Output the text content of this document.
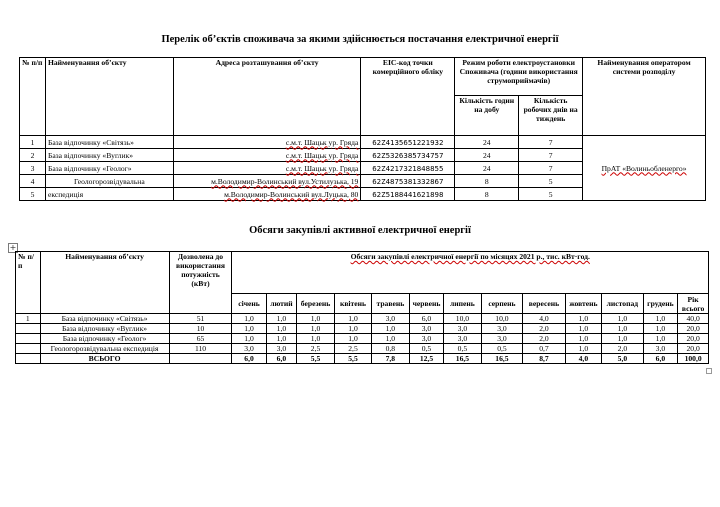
Перелік об’єктів споживача за якими здійснюється постачання електричної енергії
№ п/п	Найменування об’єкту	Адреса розташування об’єкту	ЕІС-код точки комерційного обліку	Режим роботи електроустановки Споживача (години використання струмоприймачів)		Найменування оператором системи розподілу
				Кількість годин на добу	Кількість робочих днів на тиждень	
1	База відпочинку «Світязь»	с.м.т. Шацьк ур. Гряда	62Z4135651221932	24	7	ПрАТ «Волиньобленерго»
2	База відпочинку «Вуглик»	с.м.т. Шацьк ур. Гряда	62Z5326385734757	24	7	
3	База відпочинку «Геолог»	с.м.т. Шацьк ур. Гряда	62Z4217321848855	24	7	
4	Геологорозвідувальна	м.Володимир-Волинський вул.Устилузька, 19	62Z4875381332867	8	5	
5	експедиція	м.Володимир-Волинський вул.Луцька, 80	62Z5188441621898	8	5	
Обсяги закупівлі активної електричної енергії
+
№ п/п	Найменування об’єкту	Дозволена до використання потужність (кВт)	Обсяги закупівлі електричної енергії по місяцях 2021 р., тис. кВт·год.												
			січень	лютий	березень	квітень	травень	червень	липень	серпень	вересень	жовтень	листопад	грудень	Рік всього
1	База відпочинку «Світязь»	51	1,0	1,0	1,0	1,0	3,0	6,0	10,0	10,0	4,0	1,0	1,0	1,0	40,0
	База відпочинку «Вуглик»	10	1,0	1,0	1,0	1,0	1,0	3,0	3,0	3,0	2,0	1,0	1,0	1,0	20,0
	База відпочинку «Геолог»	65	1,0	1,0	1,0	1,0	1,0	3,0	3,0	3,0	2,0	1,0	1,0	1,0	20,0
	Геологорозвідувальна експедиція	110	3,0	3,0	2,5	2,5	0,8	0,5	0,5	0,5	0,7	1,0	2,0	3,0	20,0
	ВСЬОГО		6,0	6,0	5,5	5,5	7,8	12,5	16,5	16,5	8,7	4,0	5,0	6,0	100,0
